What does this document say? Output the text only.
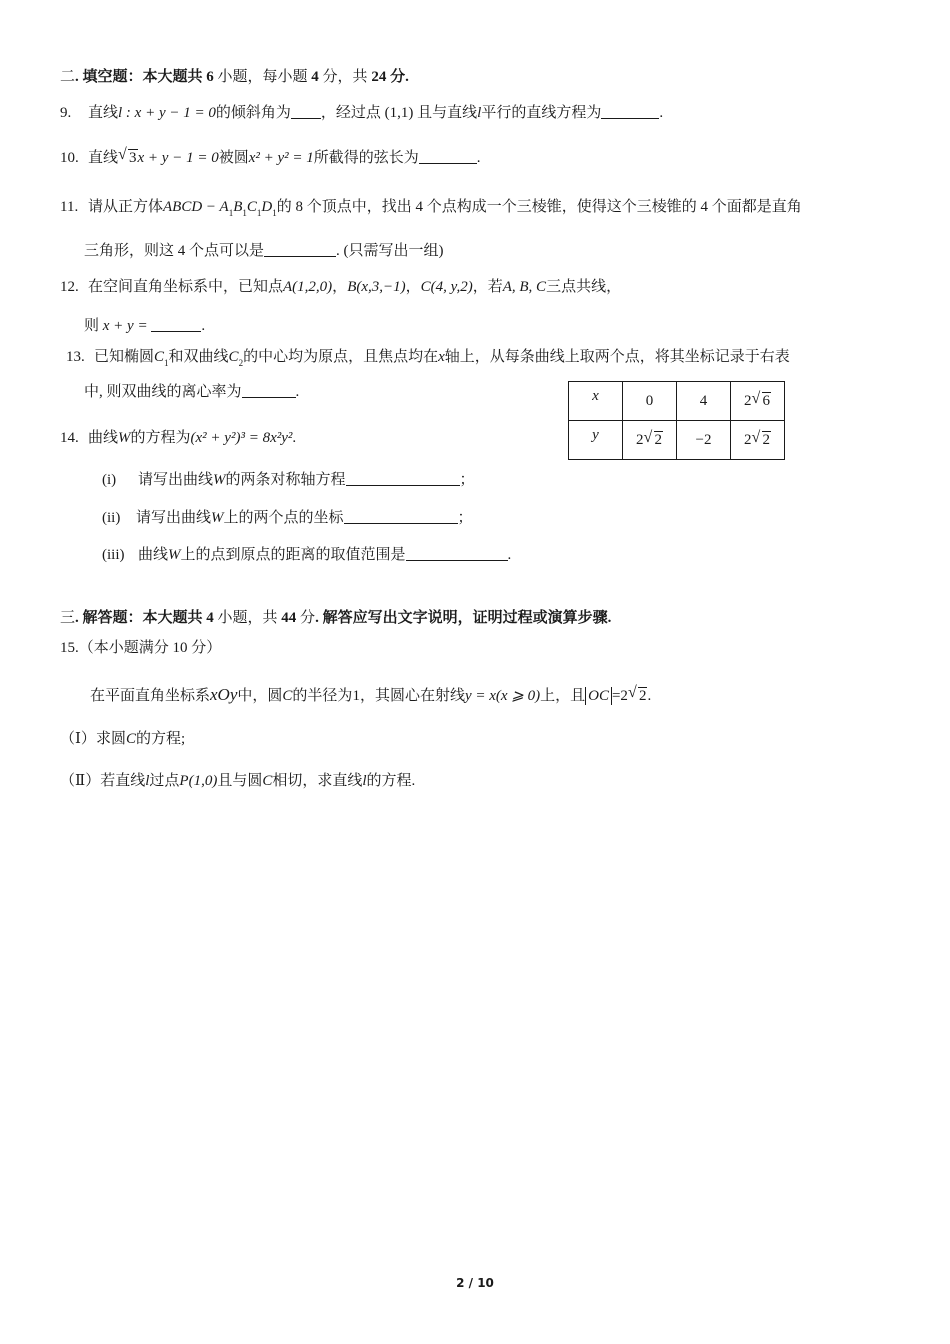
二. 填空题：本大题共 6 小题，每小题 4 分，共 24 分.
9. 直线l : x + y − 1 = 0的倾斜角为 ，经过点 (1,1) 且与直线l平行的直线方程为	.
10. 直线 √ 3x + y − 1 = 0被圆x² + y² = 1所截得的弦长为	.
11. 请从正方体ABCD − $A_1B_1C_1D_1$的 8 个顶点中，找出 4 个点构成一个三棱锥，使得这个三棱锥的 4 个面都是直角
三角形，则这 4 个点可以是	. (只需写出一组)
12. 在空间直角坐标系中，已知点A(1,2,0)，B(x,3,−1)，C(4, y,2)，若A, B, C三点共线，
则 x + y =	.
13. 已知椭圆$C_1$和双曲线$C_2$的中心均为原点，且焦点均在x轴上，从每条曲线上取两个点，将其坐标记录于右表
中, 则双曲线的离心率为	.	x	0	4	2 √ 6
y	2 √ 2	−2	2 √ 2
14. 曲线W的方程为(x² + y²)³ = 8x²y².
(i) 请写出曲线W的两条对称轴方程	；
(ii) 请写出曲线W上的两个点的坐标	；
(iii) 曲线W上的点到原点的距离的取值范围是	.
三. 解答题：本大题共 4 小题，共 44 分. 解答应写出文字说明，证明过程或演算步骤.
15.（本小题满分 10 分）
在平面直角坐标系xOy中，圆C的半径为1，其圆心在射线y = x(x ⩾ 0)上，且 OC =2 √ 2.
（Ⅰ）求圆C的方程;
（Ⅱ）若直线l过点P(1,0)且与圆C相切，求直线l的方程.
2 / 10
